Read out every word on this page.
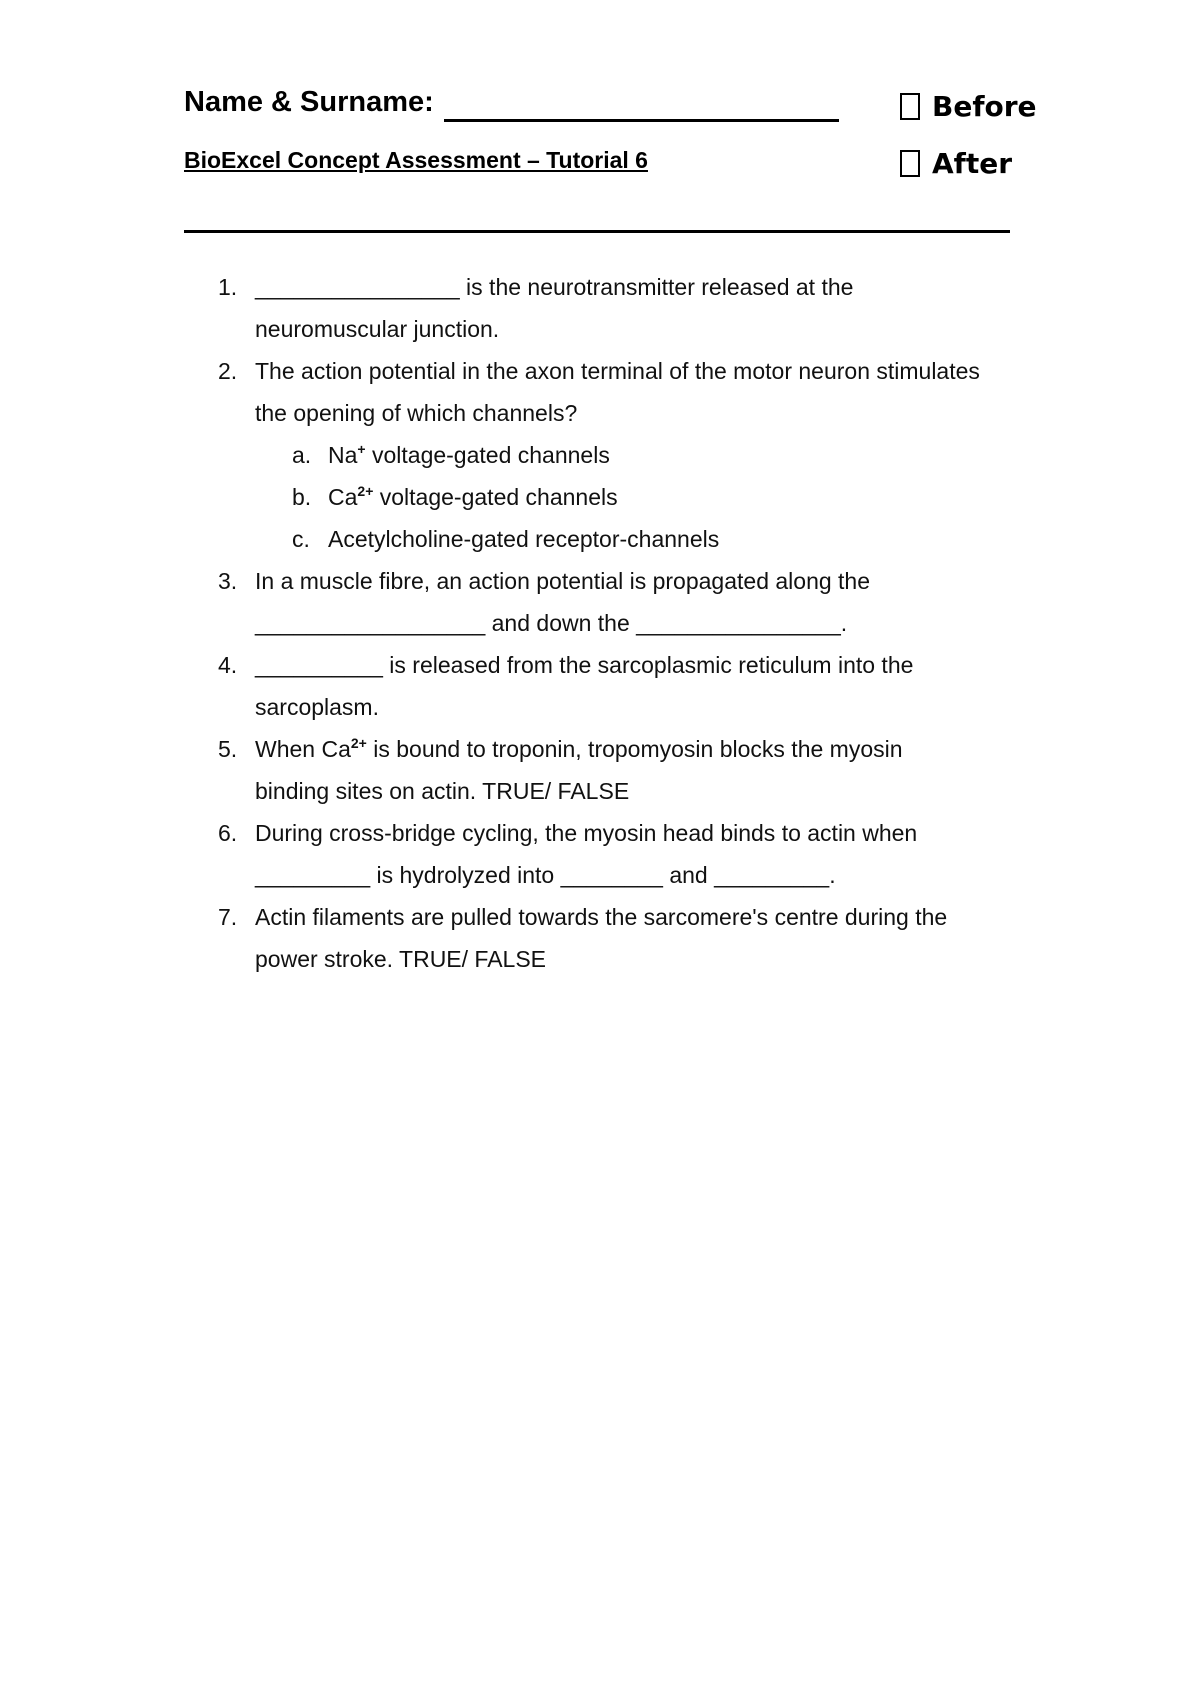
Name & Surname:
BioExcel Concept Assessment – Tutorial 6
Before
After
1. ________________ is the neurotransmitter released at the
neuromuscular junction.
2. The action potential in the axon terminal of the motor neuron stimulates
the opening of which channels?
a. Na+ voltage-gated channels
b. $Ca^{2+}$ voltage-gated channels
c. Acetylcholine-gated receptor-channels
3. In a muscle fibre, an action potential is propagated along the
__________________ and down the ________________.
4. __________ is released from the sarcoplasmic reticulum into the
sarcoplasm.
5. When $Ca^{2+}$ is bound to troponin, tropomyosin blocks the myosin
binding sites on actin. TRUE/ FALSE
6. During cross-bridge cycling, the myosin head binds to actin when
_________ is hydrolyzed into ________ and _________.
7. Actin filaments are pulled towards the sarcomere's centre during the
power stroke. TRUE/ FALSE
